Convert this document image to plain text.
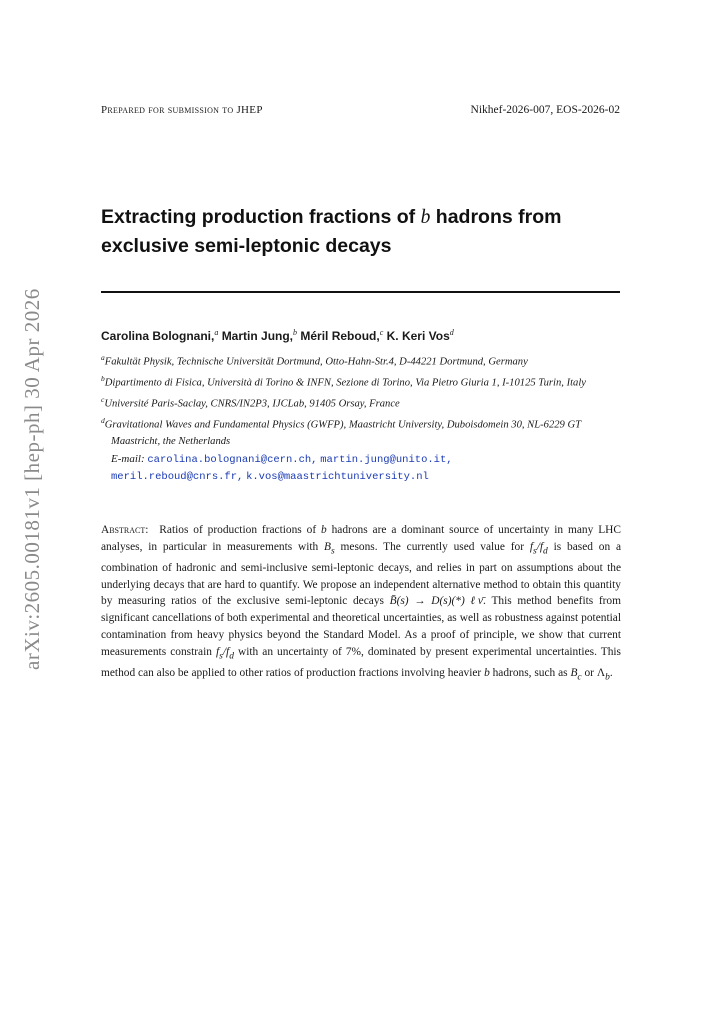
Prepared for submission to JHEP	Nikhef-2026-007, EOS-2026-02
arXiv:2605.00181v1 [hep-ph] 30 Apr 2026
Extracting production fractions of b hadrons from exclusive semi-leptonic decays
Carolina Bolognani,$^a$ Martin Jung,$^b$ Méril Reboud,$^c$ K. Keri Vos$^d$
$^a$Fakultät Physik, Technische Universität Dortmund, Otto-Hahn-Str.4, D-44221 Dortmund, Germany
$^b$Dipartimento di Fisica, Università di Torino & INFN, Sezione di Torino, Via Pietro Giuria 1, I-10125 Turin, Italy
$^c$Université Paris-Saclay, CNRS/IN2P3, IJCLab, 91405 Orsay, France
$^d$Gravitational Waves and Fundamental Physics (GWFP), Maastricht University, Duboisdomein 30, NL-6229 GT Maastricht, the Netherlands
E-mail: carolina.bolognani@cern.ch, martin.jung@unito.it,
meril.reboud@cnrs.fr, k.vos@maastrichtuniversity.nl
Abstract: Ratios of production fractions of b hadrons are a dominant source of uncertainty in many LHC analyses, in particular in measurements with $B_s$ mesons. The currently used value for $f_s/f_d$ is based on a combination of hadronic and semi-inclusive semi-leptonic decays, and relies in part on assumptions about the underlying decays that are hard to quantify. We propose an independent alternative method to obtain this quantity by measuring ratios of the exclusive semi-leptonic decays B̄(s) → D(s)(*) ℓν̄. This method benefits from significant cancellations of both experimental and theoretical uncertainties, as well as robustness against potential contamination from heavy physics beyond the Standard Model. As a proof of principle, we show that current measurements constrain $f_s/f_d$ with an uncertainty of 7%, dominated by present experimental uncertainties. This method can also be applied to other ratios of production fractions involving heavier b hadrons, such as $B_c$ or $\Lambda_b$.
